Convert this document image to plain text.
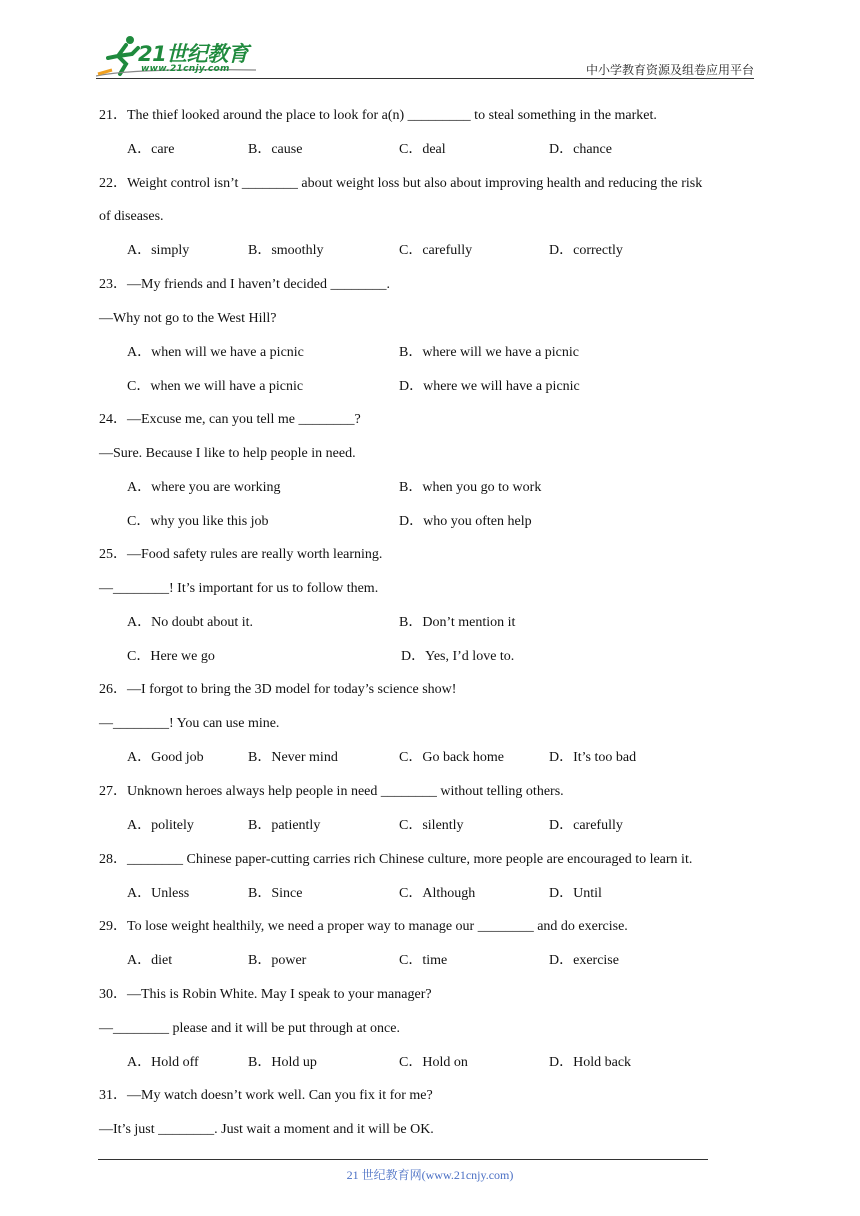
21世纪教育
www.21cnjy.com	中小学教育资源及组卷应用平台
21．The thief looked around the place to look for a(n) _________ to steal something in the market.
A．care	B．cause	C．deal	D．chance
22．Weight control isn’t ________ about weight loss but also about improving health and reducing the risk
of diseases.
A．simply	B．smoothly	C．carefully	D．correctly
23．—My friends and I haven’t decided ________.
—Why not go to the West Hill?
A．when will we have a picnic	B．where will we have a picnic
C．when we will have a picnic	D．where we will have a picnic
24．—Excuse me, can you tell me ________?
—Sure. Because I like to help people in need.
A．where you are working	B．when you go to work
C．why you like this job	D．who you often help
25．—Food safety rules are really worth learning.
—________! It’s important for us to follow them.
A．No doubt about it.	B．Don’t mention it
C．Here we go	D．Yes, I’d love to.
26．—I forgot to bring the 3D model for today’s science show!
—________! You can use mine.
A．Good job	B．Never mind	C．Go back home	D．It’s too bad
27．Unknown heroes always help people in need ________ without telling others.
A．politely	B．patiently	C．silently	D．carefully
28．________ Chinese paper-cutting carries rich Chinese culture, more people are encouraged to learn it.
A．Unless	B．Since	C．Although	D．Until
29．To lose weight healthily, we need a proper way to manage our ________ and do exercise.
A．diet	B．power	C．time	D．exercise
30．—This is Robin White. May I speak to your manager?
—________ please and it will be put through at once.
A．Hold off	B．Hold up	C．Hold on	D．Hold back
31．—My watch doesn’t work well. Can you fix it for me?
—It’s just ________. Just wait a moment and it will be OK.
21 世纪教育网(www.21cnjy.com)
